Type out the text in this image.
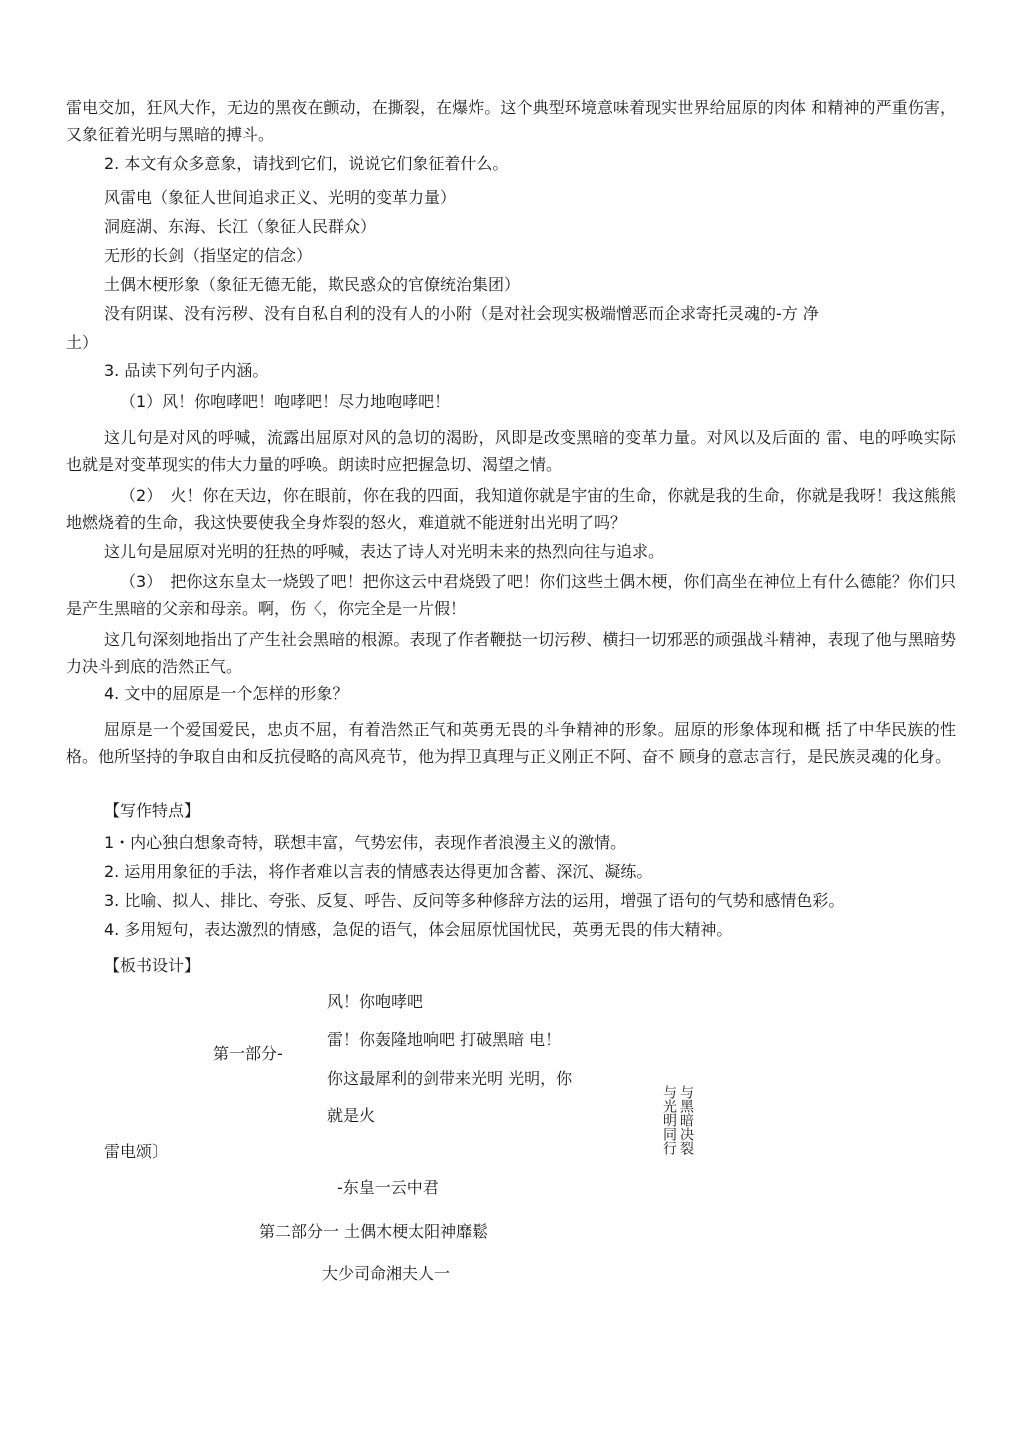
雷电交加，狂风大作，无边的黑夜在颤动，在撕裂，在爆炸。这个典型环境意味着现实世界给屈原的肉体 和精神的严重伤害，又象征着光明与黑暗的搏斗。
2. 本文有众多意象，请找到它们，说说它们象征着什么。
风雷电（象征人世间追求正义、光明的变革力量）
洞庭湖、东海、长江（象征人民群众）
无形的长剑（指坚定的信念）
土偶木梗形象（象征无德无能，欺民惑众的官僚统治集团）
没有阴谋、没有污秽、没有自私自利的没有人的小附（是对社会现实极端憎恶而企求寄托灵魂的-方 净
土）
3. 品读下列句子内涵。
（1）风！你咆哮吧！咆哮吧！尽力地咆哮吧！
这儿句是对风的呼喊，流露出屈原对风的急切的渴盼，风即是改变黑暗的变革力量。对风以及后面的 雷、电的呼唤实际也就是对变革现实的伟大力量的呼唤。朗读时应把握急切、渴望之情。
（2）　火！你在天边，你在眼前，你在我的四面，我知道你就是宇宙的生命，你就是我的生命，你就是我呀！我这熊熊地燃烧着的生命，我这快要使我全身炸裂的怒火，难道就不能迸射出光明了吗？
这儿句是屈原对光明的狂热的呼喊，表达了诗人对光明未来的热烈向往与追求。
（3）　把你这东皇太一烧毁了吧！把你这云中君烧毁了吧！你们这些土偶木梗，你们高坐在神位上有什么德能？你们只是产生黑暗的父亲和母亲。啊，伤〈，你完全是一片假！
这几句深刻地指出了产生社会黑暗的根源。表现了作者鞭挞一切污秽、横扫一切邪恶的顽强战斗精神，表现了他与黑暗势力决斗到底的浩然正气。
4. 文中的屈原是一个怎样的形象？
屈原是一个爱国爱民，忠贞不屈，有着浩然正气和英勇无畏的斗争精神的形象。屈原的形象体现和概 括了中华民族的性格。他所坚持的争取自由和反抗侵略的高风亮节，他为捍卫真理与正义刚正不阿、奋不 顾身的意志言行，是民族灵魂的化身。
【写作特点】
1・内心独白想象奇特，联想丰富，气势宏伟，表现作者浪漫主义的激情。
2. 运用用象征的手法，将作者难以言表的情感表达得更加含蓄、深沉、凝练。
3. 比喻、拟人、排比、夸张、反复、呼告、反问等多种修辞方法的运用，增强了语句的气势和感情色彩。
4. 多用短句，表达激烈的情感，急促的语气，体会屈原忧国忧民，英勇无畏的伟大精神。
【板书设计】
风！你咆哮吧
雷！你轰隆地响吧 打破黑暗 电！
第一部分-
你这最犀利的剑带来光明 光明，你
就是火	与黑暗决裂
与光明同行
雷电颂〕
-东皇一云中君
第二部分一 土偶木梗太阳神靡鬆
大少司命湘夫人一
